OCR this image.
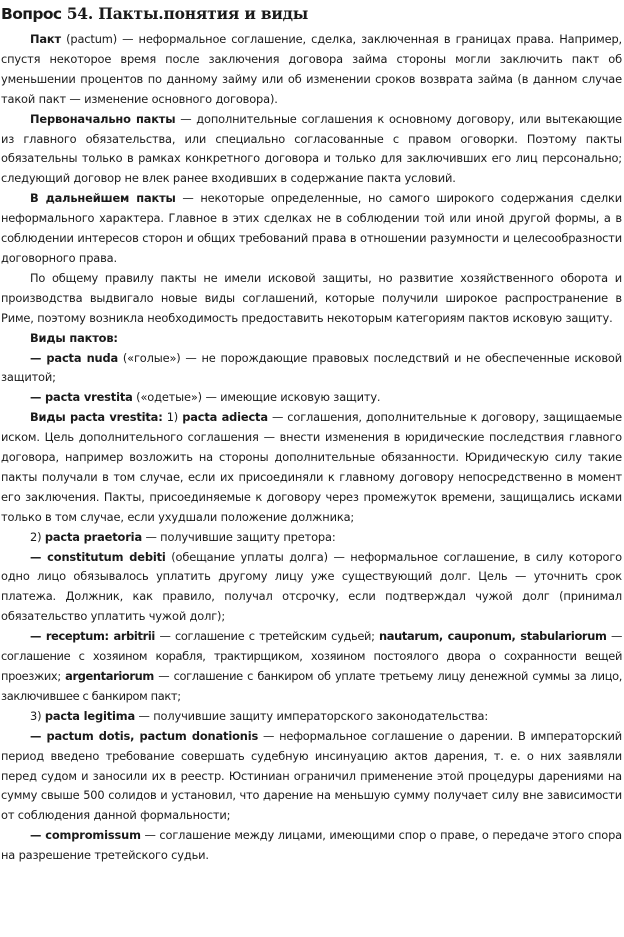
Вопрос 54. Пакты.понятия и виды

Пакт (pactum) — неформальное соглашение, сделка, заключенная в границах права. Например, спустя некоторое время после заключения договора займа стороны могли заключить пакт об уменьшении процентов по данному займу или об изменении сроков возврата займа (в данном случае такой пакт — изменение основного договора).

Первоначально пакты — дополнительные соглашения к основному договору, или вытекающие из главного обязательства, или специально согласованные с правом оговорки. Поэтому пакты обязательны только в рамках конкретного договора и только для заключивших его лиц персонально; следующий договор не влек ранее входивших в содержание пакта условий.

В дальнейшем пакты — некоторые определенные, но самого широкого содержания сделки неформального характера. Главное в этих сделках не в соблюдении той или иной другой формы, а в соблюдении интересов сторон и общих требований права в отношении разумности и целесообразности договорного права.

По общему правилу пакты не имели исковой защиты, но развитие хозяйственного оборота и производства выдвигало новые виды соглашений, которые получили широкое распространение в Риме, поэтому возникла необходимость предоставить некоторым категориям пактов исковую защиту.

Виды пактов:

— pacta nuda («голые») — не порождающие правовых последствий и не обеспеченные исковой защитой;

— pacta vrestita («одетые») — имеющие исковую защиту.

Виды pacta vrestita: 1) pacta adiecta — соглашения, дополнительные к договору, защищаемые иском. Цель дополнительного соглашения — внести изменения в юридические последствия главного договора, например возложить на стороны дополнительные обязанности. Юридическую силу такие пакты получали в том случае, если их присоединяли к главному договору непосредственно в момент его заключения. Пакты, присоединяемые к договору через промежуток времени, защищались исками только в том случае, если ухудшали положение должника;

2) pacta praetoria — получившие защиту претора:

— constitutum debiti (обещание уплаты долга) — неформальное соглашение, в силу которого одно лицо обязывалось уплатить другому лицу уже существующий долг. Цель — уточнить срок платежа. Должник, как правило, получал отсрочку, если подтверждал чужой долг (принимал обязательство уплатить чужой долг);

— receptum: arbitrii — соглашение с третейским судьей; nautarum, cauponum, stabulariorum — соглашение с хозяином корабля, трактирщиком, хозяином постоялого двора о сохранности вещей проезжих; argentariorum — соглашение с банкиром об уплате третьему лицу денежной суммы за лицо, заключившее с банкиром пакт;

3) pacta legitima — получившие защиту императорского законодательства:

— pactum dotis, pactum donationis — неформальное соглашение о дарении. В императорский период введено требование совершать судебную инсинуацию актов дарения, т. е. о них заявляли перед судом и заносили их в реестр. Юстиниан ограничил применение этой процедуры дарениями на сумму свыше 500 солидов и установил, что дарение на меньшую сумму получает силу вне зависимости от соблюдения данной формальности;

— compromissum — соглашение между лицами, имеющими спор о праве, о передаче этого спора на разрешение третейского судьи.
